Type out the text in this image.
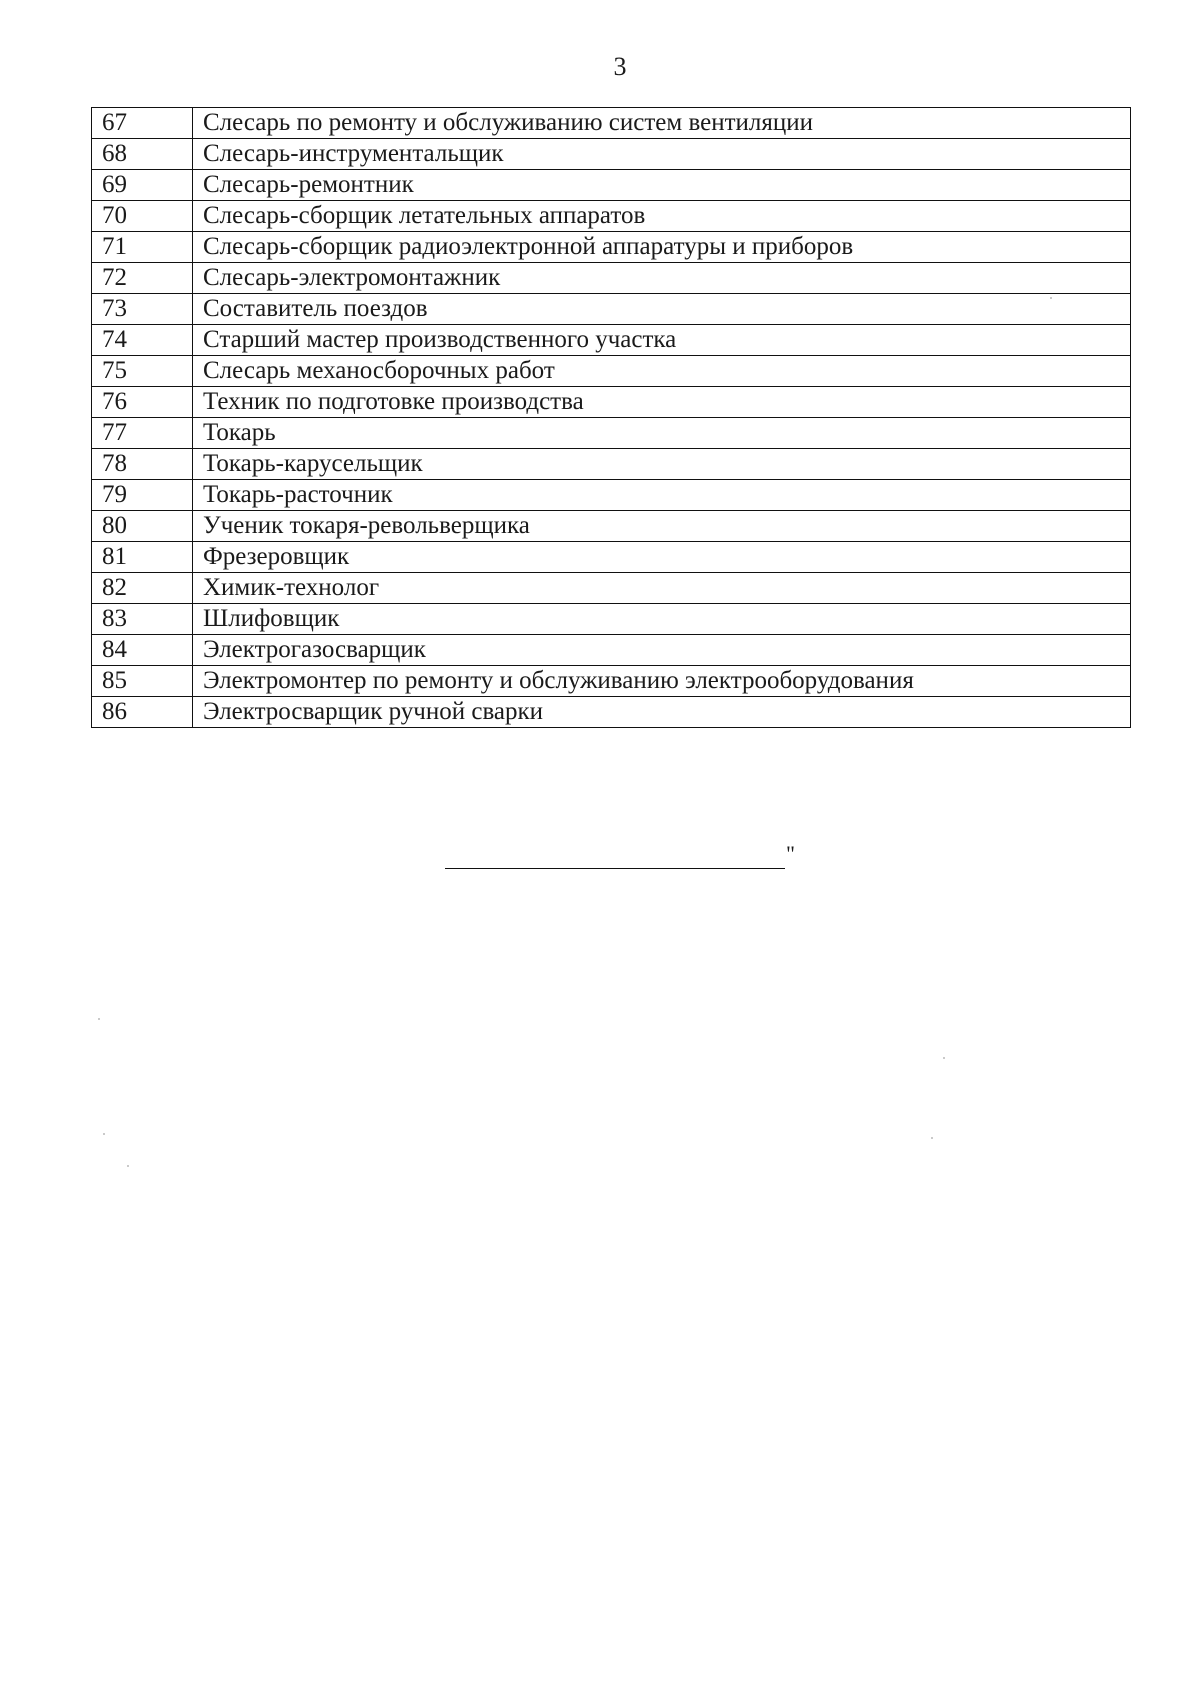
3
67	Слесарь по ремонту и обслуживанию систем вентиляции
68	Слесарь-инструментальщик
69	Слесарь-ремонтник
70	Слесарь-сборщик летательных аппаратов
71	Слесарь-сборщик радиоэлектронной аппаратуры и приборов
72	Слесарь-электромонтажник
73	Составитель поездов
74	Старший мастер производственного участка
75	Слесарь механосборочных работ
76	Техник по подготовке производства
77	Токарь
78	Токарь-карусельщик
79	Токарь-расточник
80	Ученик токаря-револьверщика
81	Фрезеровщик
82	Химик-технолог
83	Шлифовщик
84	Электрогазосварщик
85	Электромонтер по ремонту и обслуживанию электрооборудования
86	Электросварщик ручной сварки
"
